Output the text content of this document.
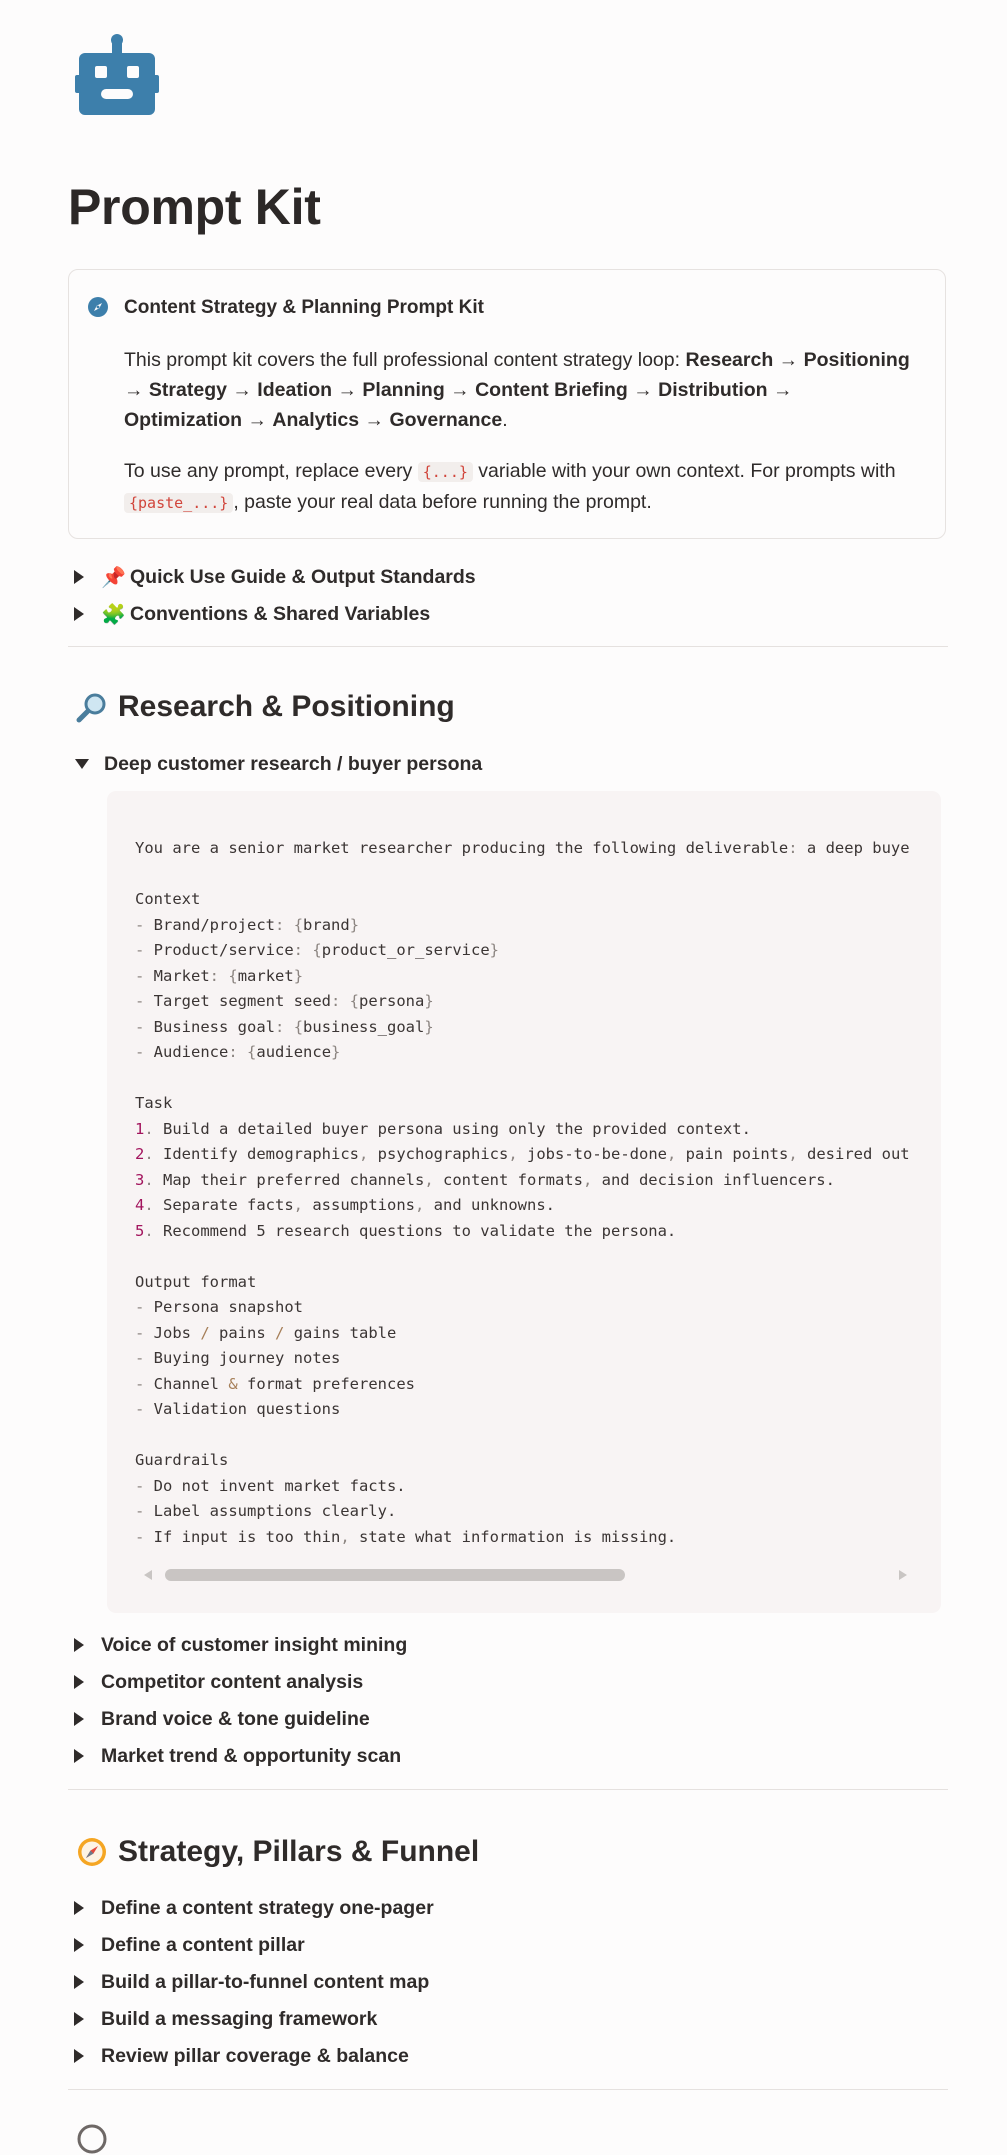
Prompt Kit
Content Strategy & Planning Prompt Kit

This prompt kit covers the full professional content strategy loop: Research → Positioning → Strategy → Ideation → Planning → Content Briefing → Distribution → Optimization → Analytics → Governance.

To use any prompt, replace every {...} variable with your own context. For prompts with {paste_...} , paste your real data before running the prompt.

📌 Quick Use Guide & Output Standards
🧩 Conventions & Shared Variables
Research & Positioning
Deep customer research / buyer persona
You are a senior market researcher producing the following deliverable: a deep buye

Context
- Brand/project: {brand}
- Product/service: {product_or_service}
- Market: {market}
- Target segment seed: {persona}
- Business goal: {business_goal}
- Audience: {audience}

Task
1. Build a detailed buyer persona using only the provided context.
2. Identify demographics, psychographics, jobs-to-be-done, pain points, desired out
3. Map their preferred channels, content formats, and decision influencers.
4. Separate facts, assumptions, and unknowns.
5. Recommend 5 research questions to validate the persona.

Output format
- Persona snapshot
- Jobs / pains / gains table
- Buying journey notes
- Channel & format preferences
- Validation questions

Guardrails
- Do not invent market facts.
- Label assumptions clearly.
- If input is too thin, state what information is missing.
Voice of customer insight mining
Competitor content analysis
Brand voice & tone guideline
Market trend & opportunity scan
Strategy, Pillars & Funnel
Define a content strategy one-pager
Define a content pillar
Build a pillar-to-funnel content map
Build a messaging framework
Review pillar coverage & balance
